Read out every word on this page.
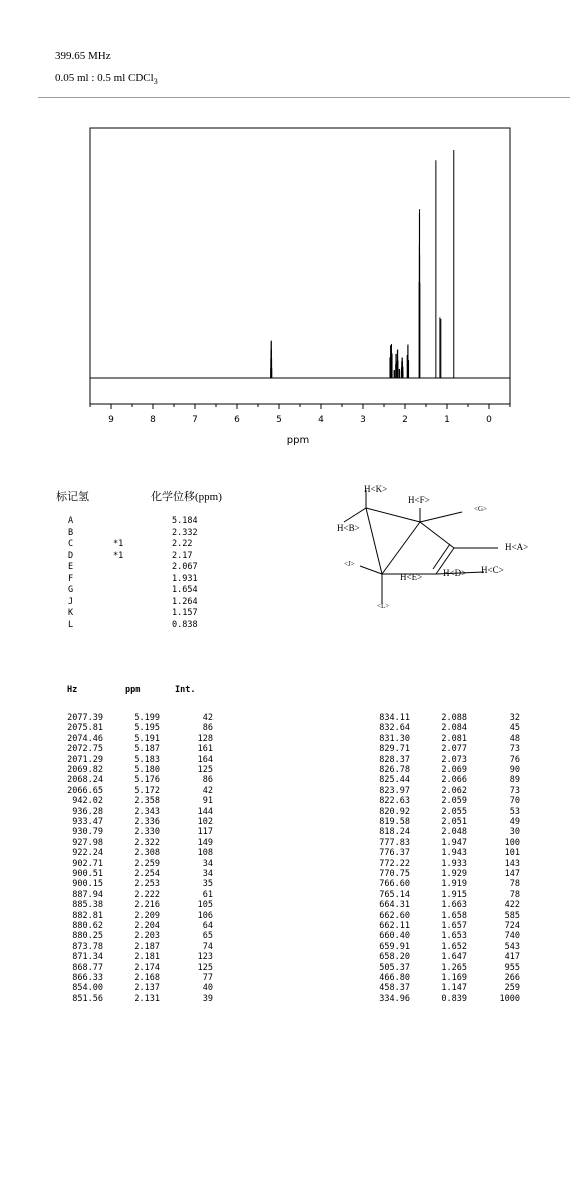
399.65 MHz
0.05 ml : 0.5 ml CDCl$_3$
9	8	7	6	5	4	3	2	1	0
ppm
标记氢	化学位移(ppm)
A	5.184
B	2.332
C	*1	2.22
D	*1	2.17
E	2.067
F	1.931
G	1.654
J	1.264
K	1.157
L	0.838
H<K>
H<F>
H<B>
<G>
H<A>
<J>
H<E> H<D> H<C>
<L>
Hz	ppm	Int.
2077.39	5.199	42
2075.81	5.195	86
2074.46	5.191	128
2072.75	5.187	161
2071.29	5.183	164
2069.82	5.180	125
2068.24	5.176	86
2066.65	5.172	42
942.02	2.358	91
936.28	2.343	144
933.47	2.336	102
930.79	2.330	117
927.98	2.322	149
922.24	2.308	108
902.71	2.259	34
900.51	2.254	34
900.15	2.253	35
887.94	2.222	61
885.38	2.216	105
882.81	2.209	106
880.62	2.204	64
880.25	2.203	65
873.78	2.187	74
871.34	2.181	123
868.77	2.174	125
866.33	2.168	77
854.00	2.137	40
851.56	2.131	39
834.11	2.088	32
832.64	2.084	45
831.30	2.081	48
829.71	2.077	73
828.37	2.073	76
826.78	2.069	90
825.44	2.066	89
823.97	2.062	73
822.63	2.059	70
820.92	2.055	53
819.58	2.051	49
818.24	2.048	30
777.83	1.947	100
776.37	1.943	101
772.22	1.933	143
770.75	1.929	147
766.60	1.919	78
765.14	1.915	78
664.31	1.663	422
662.60	1.658	585
662.11	1.657	724
660.40	1.653	740
659.91	1.652	543
658.20	1.647	417
505.37	1.265	955
466.80	1.169	266
458.37	1.147	259
334.96	0.839	1000
